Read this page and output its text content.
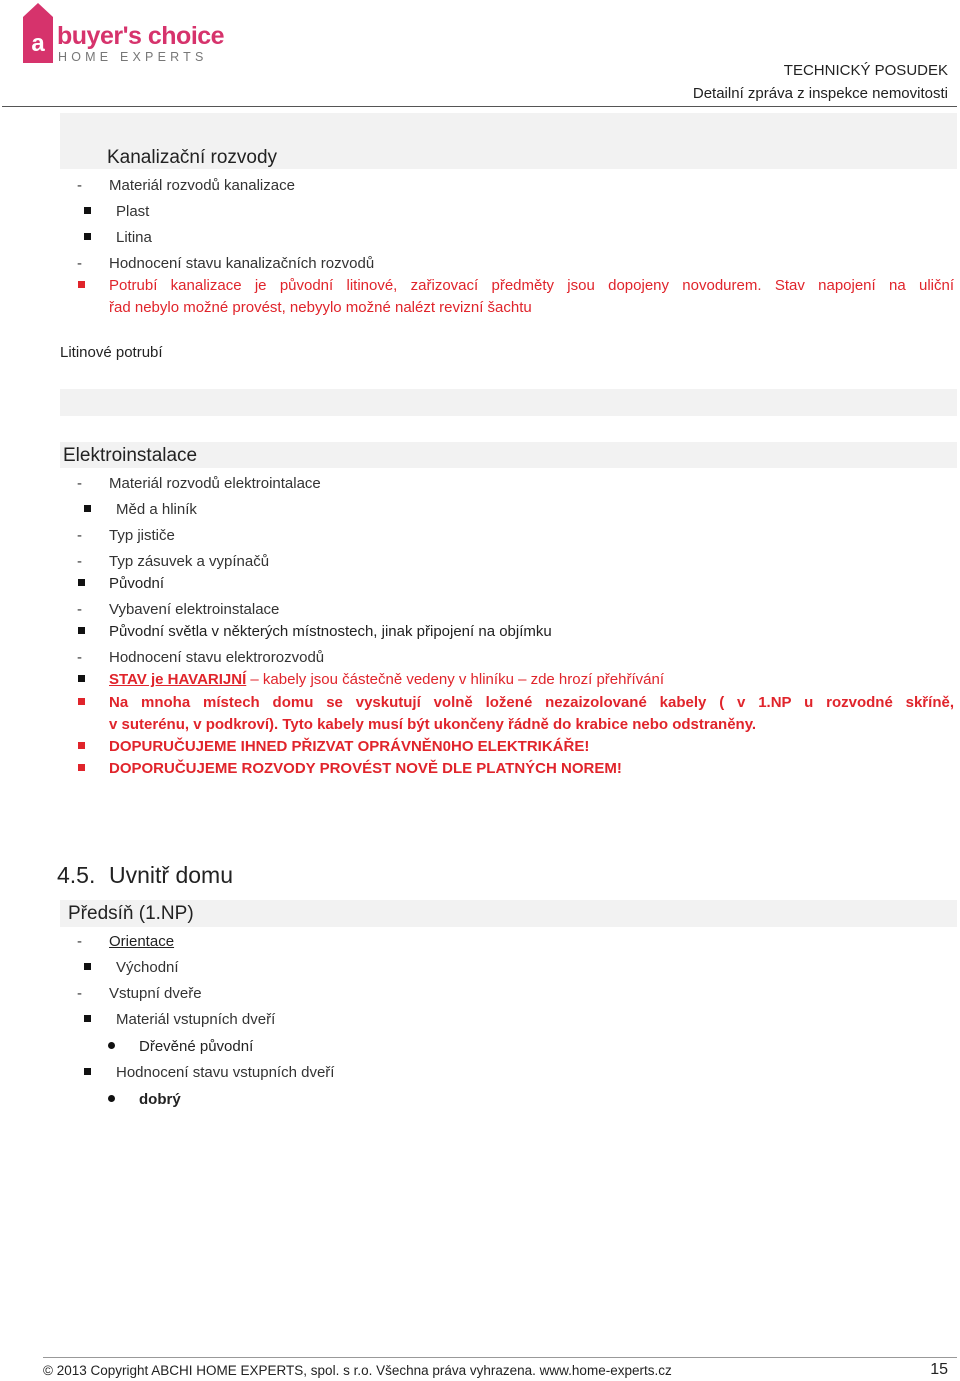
a buyer's choice
HOME EXPERTS
TECHNICKÝ POSUDEK
Detailní zpráva z inspekce nemovitosti
Kanalizační rozvody
- Materiál rozvodů kanalizace
Plast
Litina
- Hodnocení stavu kanalizačních rozvodů
Potrubí kanalizace je původní litinové, zařizovací předměty jsou dopojeny novodurem. Stav napojení na uliční
řad nebylo možné provést, nebyylo možné nalézt revizní šachtu
Litinové potrubí
Elektroinstalace
- Materiál rozvodů elektrointalace
Měd a hliník
- Typ jističe
- Typ zásuvek a vypínačů
Původní
- Vybavení elektroinstalace
Původní světla v některých místnostech, jinak připojení na objímku
- Hodnocení stavu elektrorozvodů
STAV je HAVARIJNÍ – kabely jsou částečně vedeny v hliníku – zde hrozí přehřívání
Na mnoha místech domu se vyskutují volně ložené nezaizolované kabely ( v 1.NP u rozvodné skříně,
v suterénu, v podkroví). Tyto kabely musí být ukončeny řádně do krabice nebo odstraněny.
DOPURUČUJEME IHNED PŘIZVAT OPRÁVNĚN0HO ELEKTRIKÁŘE!
DOPORUČUJEME ROZVODY PROVÉST NOVĚ DLE PLATNÝCH NOREM!
4.5. Uvnitř domu
Předsíň (1.NP)
- Orientace
Východní
- Vstupní dveře
Materiál vstupních dveří
Dřevěné původní
Hodnocení stavu vstupních dveří
dobrý
© 2013 Copyright ABCHI HOME EXPERTS, spol. s r.o. Všechna práva vyhrazena. www.home-experts.cz	15
